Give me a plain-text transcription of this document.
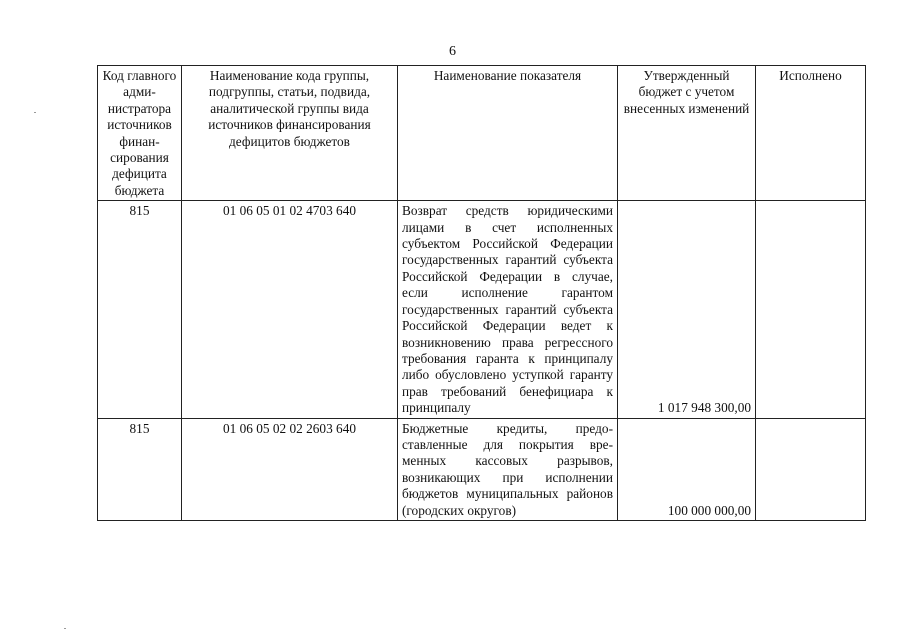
6
Код главного администратора источников финансирования дефицита бюджета	Наименование кода группы, подгруппы, статьи, подвида, аналитической группы вида источников финансирования дефицитов бюджетов	Наименование показателя	Утвержденный бюджет с учетом внесенных изменений	Исполнено
815	01 06 05 01 02 4703 640	Возврат средств юридическими лицами в счет исполненных субъектом Российской Федерации государственных гарантий субъекта Российской Федерации в случае, если исполнение гарантом государственных гарантий субъекта Российской Федерации ведет к возникновению права регрессного требования гаранта к принципалу либо обусловлено уступкой гаранту прав требований бенефициара к принципалу	1 017 948 300,00	
815	01 06 05 02 02 2603 640	Бюджетные кредиты, предоставленные для покрытия временных кассовых разрывов, возникающих при исполнении бюджетов муниципальных районов (городских округов)	100 000 000,00	
